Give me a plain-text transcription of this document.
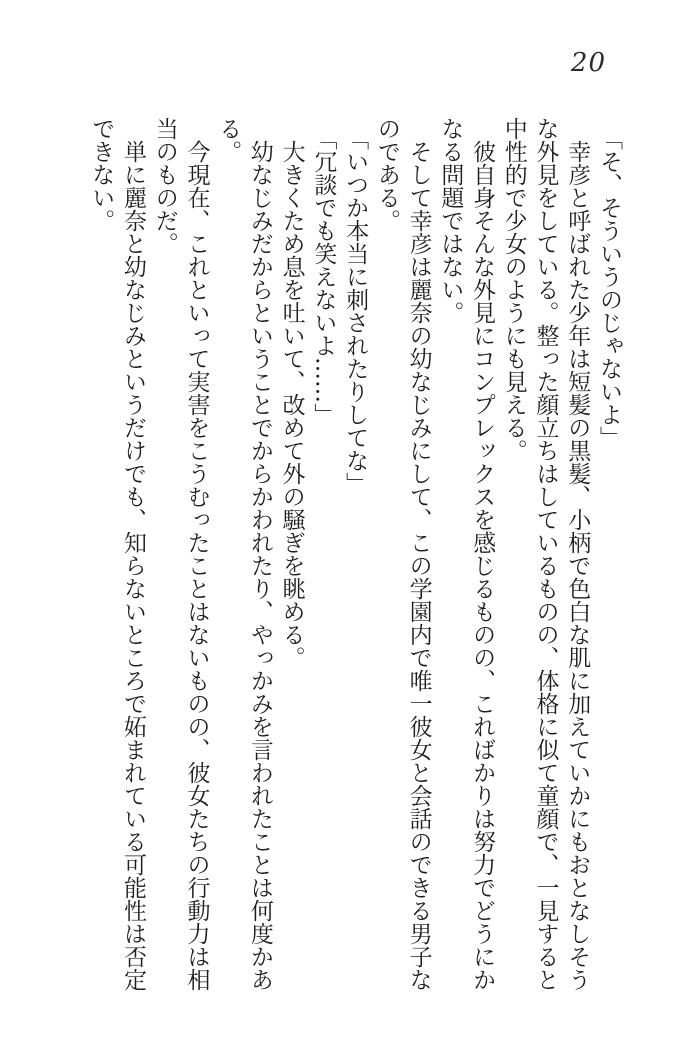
20

「そ、そういうのじゃないよ」

幸彦と呼ばれた少年は短髪の黒髪、小柄で色白な肌に加えていかにもおとなしそう

な外見をしている。整った顔立ちはしているものの、体格に似て童顔で、一見すると

中性的で少女のようにも見える。

彼自身そんな外見にコンプレックスを感じるものの、こればかりは努力でどうにか

なる問題ではない。

そして幸彦は麗奈の幼なじみにして、この学園内で唯一彼女と会話のできる男子な

のである。

「いつか本当に刺されたりしてな」

「冗談でも笑えないよ……」

大きくため息を吐いて、改めて外の騒ぎを眺める。

幼なじみだからということでからかわれたり、やっかみを言われたことは何度かあ

る。

今現在、これといって実害をこうむったことはないものの、彼女たちの行動力は相

当のものだ。

単に麗奈と幼なじみというだけでも、知らないところで妬まれている可能性は否定

できない。
